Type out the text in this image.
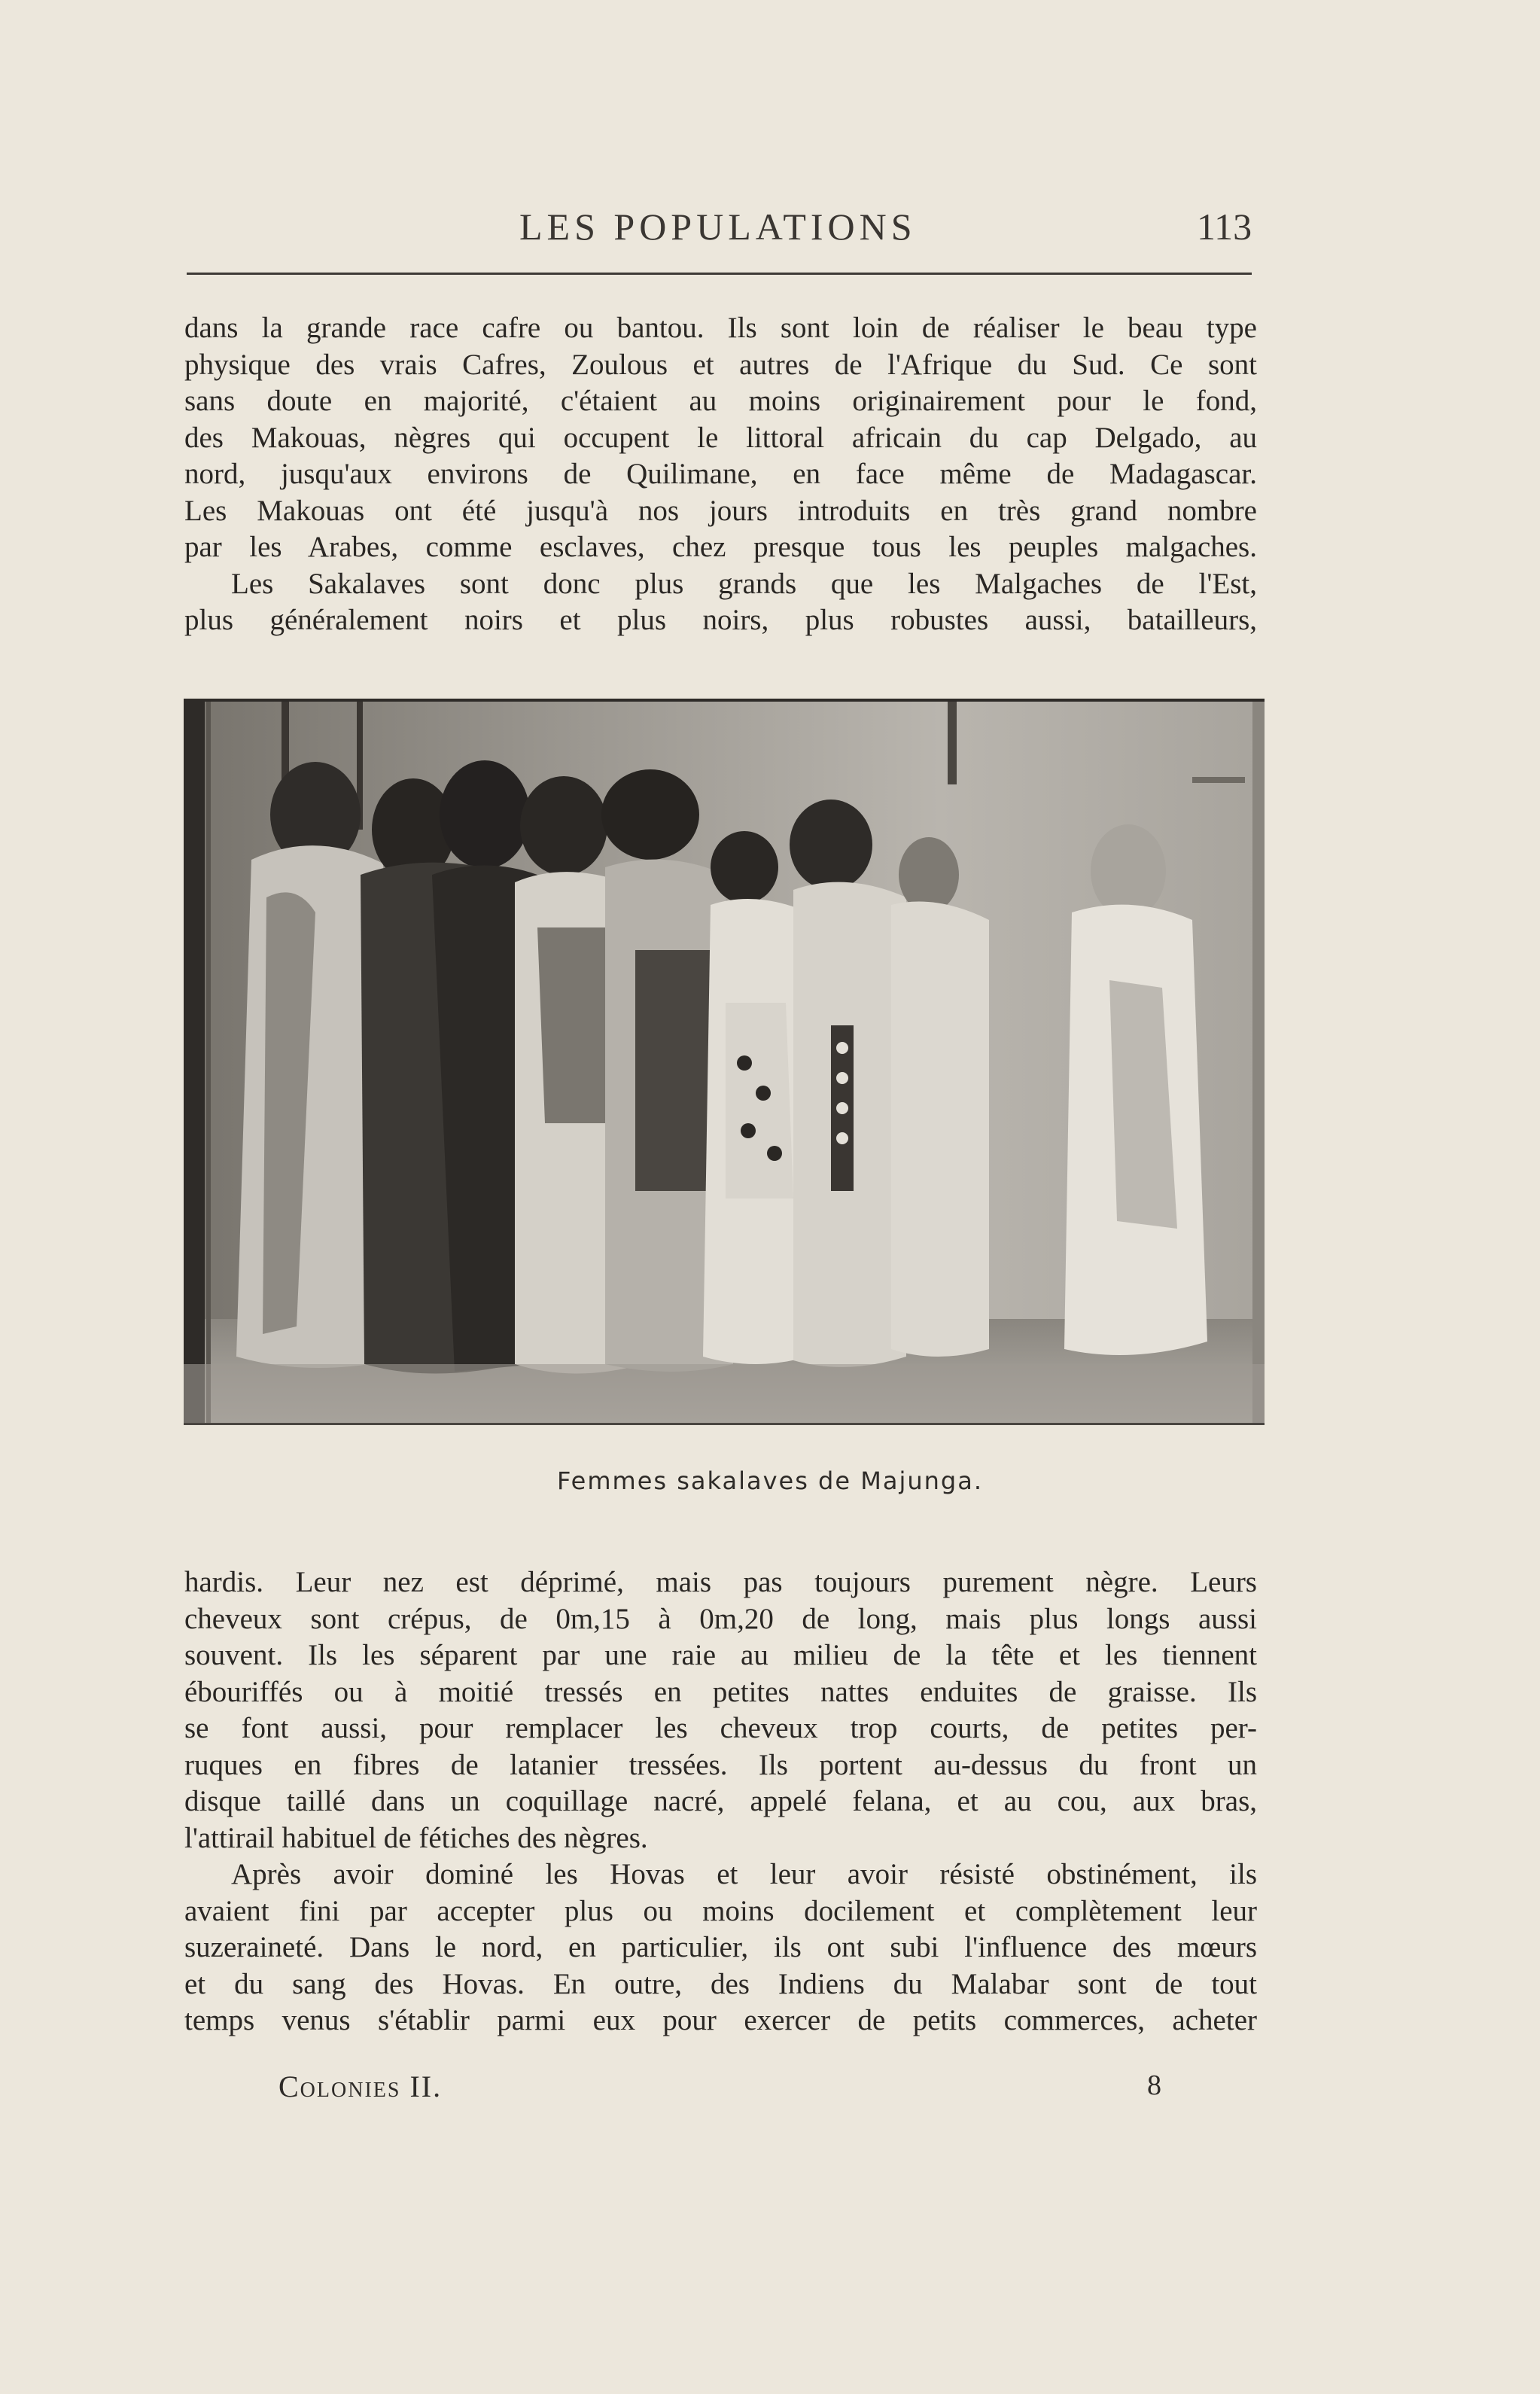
LES POPULATIONS	113

dans la grande race cafre ou bantou. Ils sont loin de réaliser le beau type

physique des vrais Cafres, Zoulous et autres de l'Afrique du Sud. Ce sont

sans doute en majorité, c'étaient au moins originairement pour le fond,

des Makouas, nègres qui occupent le littoral africain du cap Delgado, au

nord, jusqu'aux environs de Quilimane, en face même de Madagascar.

Les Makouas ont été jusqu'à nos jours introduits en très grand nombre

par les Arabes, comme esclaves, chez presque tous les peuples malgaches.

Les Sakalaves sont donc plus grands que les Malgaches de l'Est,

plus généralement noirs et plus noirs, plus robustes aussi, batailleurs,

Femmes sakalaves de Majunga.

hardis. Leur nez est déprimé, mais pas toujours purement nègre. Leurs

cheveux sont crépus, de 0m,15 à 0m,20 de long, mais plus longs aussi

souvent. Ils les séparent par une raie au milieu de la tête et les tiennent

ébouriffés ou à moitié tressés en petites nattes enduites de graisse. Ils

se font aussi, pour remplacer les cheveux trop courts, de petites per-

ruques en fibres de latanier tressées. Ils portent au-dessus du front un

disque taillé dans un coquillage nacré, appelé felana, et au cou, aux bras,

l'attirail habituel de fétiches des nègres.

Après avoir dominé les Hovas et leur avoir résisté obstinément, ils

avaient fini par accepter plus ou moins docilement et complètement leur

suzeraineté. Dans le nord, en particulier, ils ont subi l'influence des mœurs

et du sang des Hovas. En outre, des Indiens du Malabar sont de tout

temps venus s'établir parmi eux pour exercer de petits commerces, acheter

Colonies II.	8
